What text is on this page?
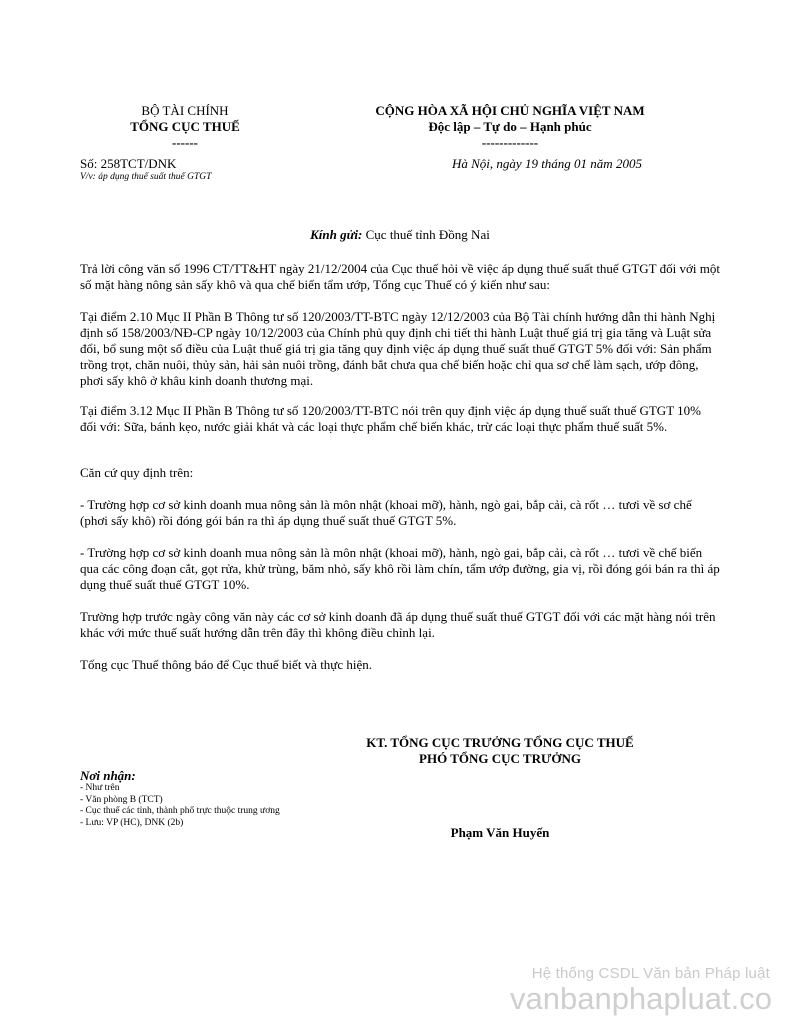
BỘ TÀI CHÍNH
TỔNG CỤC THUẾ
------
CỘNG HÒA XÃ HỘI CHỦ NGHĨA VIỆT NAM
Độc lập – Tự do – Hạnh phúc
-------------
Số: 258TCT/DNK
V/v: áp dụng thuế suất thuế GTGT
Hà Nội, ngày 19 tháng 01 năm 2005
Kính gửi: Cục thuế tỉnh Đồng Nai

Trả lời công văn số 1996 CT/TT&HT ngày 21/12/2004 của Cục thuế hỏi về việc áp dụng thuế suất thuế GTGT đối với một số mặt hàng nông sản sấy khô và qua chế biến tẩm ướp, Tổng cục Thuế có ý kiến như sau:

Tại điểm 2.10 Mục II Phần B Thông tư số 120/2003/TT-BTC ngày 12/12/2003 của Bộ Tài chính hướng dẫn thi hành Nghị định số 158/2003/NĐ-CP ngày 10/12/2003 của Chính phủ quy định chi tiết thi hành Luật thuế giá trị gia tăng và Luật sửa đổi, bổ sung một số điều của Luật thuế giá trị gia tăng quy định việc áp dụng thuế suất thuế GTGT 5% đối với: Sản phẩm trồng trọt, chăn nuôi, thủy sản, hải sản nuôi trồng, đánh bắt chưa qua chế biến hoặc chỉ qua sơ chế làm sạch, ướp đông, phơi sấy khô ở khâu kinh doanh thương mại.

Tại điểm 3.12 Mục II Phần B Thông tư số 120/2003/TT-BTC nói trên quy định việc áp dụng thuế suất thuế GTGT 10% đối với: Sữa, bánh kẹo, nước giải khát và các loại thực phẩm chế biến khác, trừ các loại thực phẩm thuế suất 5%.

Căn cứ quy định trên:

- Trường hợp cơ sở kinh doanh mua nông sản là môn nhật (khoai mỡ), hành, ngò gai, bắp cải, cà rốt … tươi về sơ chế (phơi sấy khô) rồi đóng gói bán ra thì áp dụng thuế suất thuế GTGT 5%.

- Trường hợp cơ sở kinh doanh mua nông sản là môn nhật (khoai mỡ), hành, ngò gai, bắp cải, cà rốt … tươi về chế biến qua các công đoạn cắt, gọt rửa, khử trùng, băm nhỏ, sấy khô rồi làm chín, tẩm ướp đường, gia vị, rồi đóng gói bán ra thì áp dụng thuế suất thuế GTGT 10%.

Trường hợp trước ngày công văn này các cơ sở kinh doanh đã áp dụng thuế suất thuế GTGT đối với các mặt hàng nói trên khác với mức thuế suất hướng dẫn trên đây thì không điều chỉnh lại.

Tổng cục Thuế thông báo để Cục thuế biết và thực hiện.

KT. TỔNG CỤC TRƯỞNG TỔNG CỤC THUẾ
PHÓ TỔNG CỤC TRƯỞNG
Nơi nhận:
- Như trên
- Văn phòng B (TCT)
- Cục thuế các tỉnh, thành phố trực thuộc trung ương
- Lưu: VP (HC), DNK (2b)
Phạm Văn Huyến
Hệ thống CSDL Văn bản Pháp luật
vanbanphapluat.co
